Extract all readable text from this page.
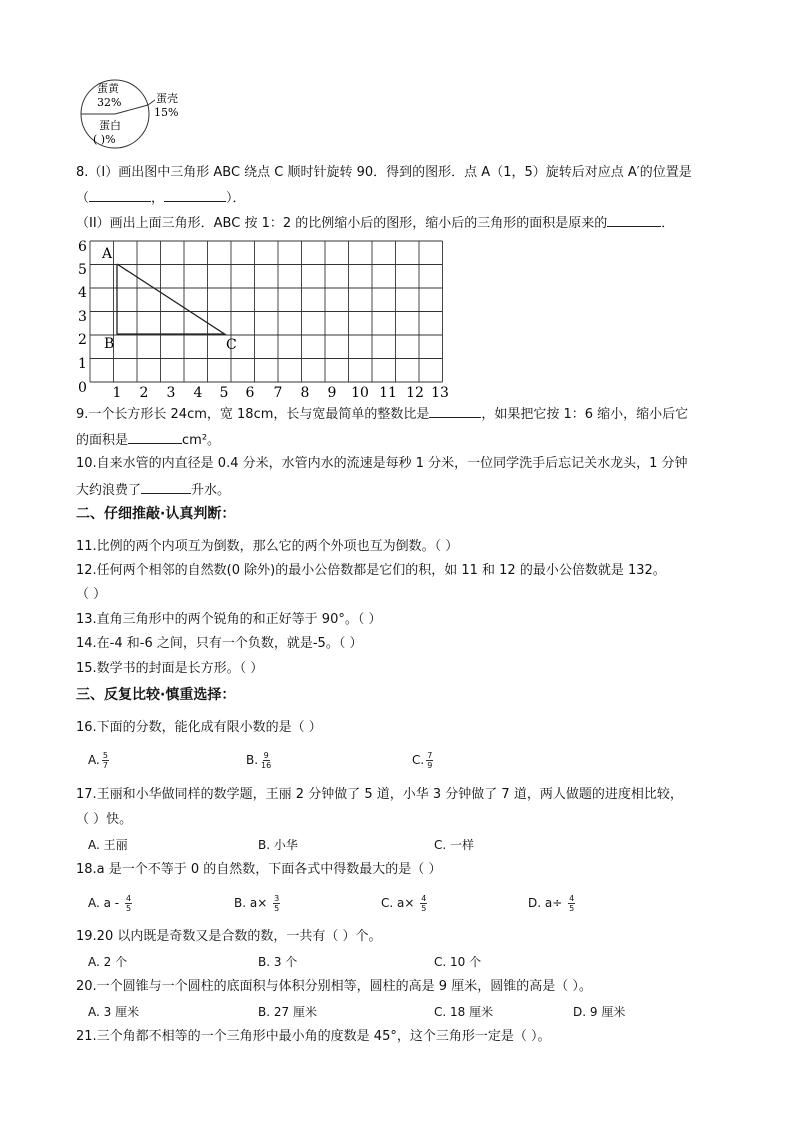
蛋黄
32%	蛋壳
15%
蛋白
( )%
8.（I）画出图中三角形 ABC 绕点 C 顺时针旋转 90．得到的图形．点 A（1，5）旋转后对应点 A′的位置是
（	，	）．
（II）画出上面三角形．ABC 按 1：2 的比例缩小后的图形，缩小后的三角形的面积是原来的	．
1 2 3 4 5 6 7 8 9 10 11 12 13
0
1
2
3
4
5
6 A
B	C
9.一个长方形长 24cm，宽 18cm，长与宽最简单的整数比是	，如果把它按 1：6 缩小，缩小后它
的面积是	cm²。
10.自来水管的内直径是 0.4 分米，水管内水的流速是每秒 1 分米，一位同学洗手后忘记关水龙头，1 分钟
大约浪费了	升水。
二、仔细推敲·认真判断：
11.比例的两个内项互为倒数，那么它的两个外项也互为倒数。（ ）
12.任何两个相邻的自然数(0 除外)的最小公倍数都是它们的积，如 11 和 12 的最小公倍数就是 132。
（ ）
13.直角三角形中的两个锐角的和正好等于 90°。（ ）
14.在-4 和-6 之间，只有一个负数，就是-5。（ ）
15.数学书的封面是长方形。（ ）
三、反复比较·慎重选择：
16.下面的分数，能化成有限小数的是（ ）
A. $\frac{5}{7}$	B. $\frac{9}{16}$	C. $\frac{7}{9}$
17.王丽和小华做同样的数学题，王丽 2 分钟做了 5 道，小华 3 分钟做了 7 道，两人做题的进度相比较，
（ ）快。
A. 王丽	B. 小华	C. 一样
18.a 是一个不等于 0 的自然数，下面各式中得数最大的是（ ）
A. a - $\frac{4}{5}$	B. $a\times \frac{3}{5}$	C. $a\times \frac{4}{5}$	D. $a\div \frac{4}{5}$
19.20 以内既是奇数又是合数的数，一共有（ ）个。
A. 2 个	B. 3 个	C. 10 个
20.一个圆锥与一个圆柱的底面积与体积分别相等，圆柱的高是 9 厘米，圆锥的高是（ ）。
A. 3 厘米	B. 27 厘米	C. 18 厘米	D. 9 厘米
21.三个角都不相等的一个三角形中最小角的度数是 45°，这个三角形一定是（ ）。
